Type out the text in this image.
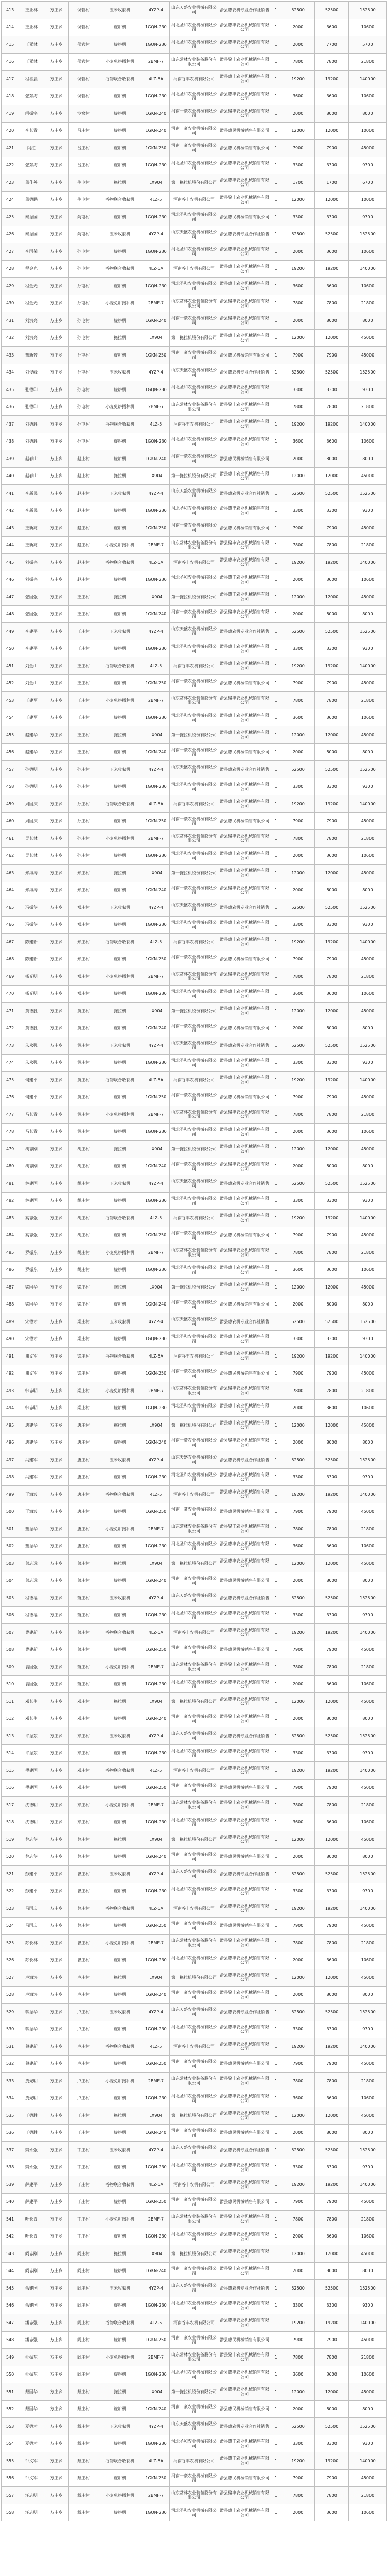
413	王亚林	方庄乡	侯管村	玉米收获机	4YZP-4	山东天盛农业机械有限公司	滑县惠农机专业合作社销售	1	52500	52500	152500
414	王亚林	方庄乡	侯管村	旋耕机	1GQN-230	河北圣和农业机械有限公司	滑县惠丰农业机械销售有限公司	1	2000	3600	10600
415	王亚林	方庄乡	侯管村	旋耕机	1GQN-230	河北圣和农业机械有限公司	滑县惠丰农业机械销售有限公司	1	2000	7700	5700
416	王亚林	方庄乡	侯管村	小麦免耕播种机	2BMF-7	山东常林农业装备股份有限公司	滑县聚丰农业机械销售有限公司	1	7800	7800	21800
417	程喜晨	方庄乡	侯管村	谷物联合收获机	4LZ-5A	河南谷丰农机有限公司	滑县惠丰农业机械销售有限公司	1	19200	19200	140000
418	张东海	方庄乡	侯管村	旋耕机	1GQN-230	河北圣和农业机械有限公司	滑县惠丰农业机械销售有限公司	1	3600	3600	10600
419	闫振宗	方庄乡	沙窝村	旋耕机	1GKN-240	河南一豪农业机械有限公司	滑县聚丰农业机械销售有限公司	1	2000	8000	8000
420	李长青	方庄乡	吕庄村	旋耕机	1GKN-240	河南一豪农业机械有限公司	滑县惠民机械销售有限公司	1	12000	12000	10000
421	闫红	方庄乡	吕庄村	旋耕机	1GKN-250	河南一豪农业机械有限公司	滑县惠民机械销售有限公司	1	7900	7900	45000
422	张东海	方庄乡	吕庄村	旋耕机	1GQN-230	河北圣和农业机械有限公司	滑县惠丰农业机械销售有限公司	1	3300	3300	9300
423	董作善	方庄乡	牛屯村	拖拉机	LX904	第一拖拉机股份有限公司	滑县惠丰农业机械销售有限公司	1	1700	1700	6700
424	董德鹏	方庄乡	牛屯村	谷物联合收获机	4LZ-5	河南谷丰农机有限公司	滑县聚丰农业机械销售有限公司	1	12000	12000	10000
425	秦振国	方庄乡	尚屯村	旋耕机	1GQN-230	河北圣和农业机械有限公司	滑县惠民机械销售有限公司	1	3300	3300	9300
426	秦振国	方庄乡	尚屯村	玉米收获机	4YZP-4	山东天盛农业机械有限公司	滑县惠农机专业合作社销售	1	52500	52500	152500
427	李国荣	方庄乡	孙屯村	旋耕机	1GQN-230	河北圣和农业机械有限公司	滑县惠丰农业机械销售有限公司	1	2000	3600	10600
428	程金光	方庄乡	孙屯村	谷物联合收获机	4LZ-5A	河南谷丰农机有限公司	滑县惠丰农业机械销售有限公司	1	19200	19200	140000
429	程金光	方庄乡	孙屯村	旋耕机	1GQN-230	河北圣和农业机械有限公司	滑县惠丰农业机械销售有限公司	1	3600	3600	10600
430	程金光	方庄乡	孙屯村	小麦免耕播种机	2BMF-7	山东常林农业装备股份有限公司	滑县聚丰农业机械销售有限公司	1	7800	7800	21800
431	刘洪亮	方庄乡	孙屯村	旋耕机	1GKN-240	河南一豪农业机械有限公司	滑县聚丰农业机械销售有限公司	1	2000	8000	8000
432	刘洪亮	方庄乡	孙屯村	拖拉机	LX904	第一拖拉机股份有限公司	滑县惠丰农业机械销售有限公司	1	12000	12000	45000
433	董新芳	方庄乡	孙屯村	旋耕机	1GKN-250	河南一豪农业机械有限公司	滑县惠民机械销售有限公司	1	7900	7900	45000
434	刘俊峰	方庄乡	孙屯村	玉米收获机	4YZP-4	山东天盛农业机械有限公司	滑县惠农机专业合作社销售	1	52500	52500	152500
435	张德印	方庄乡	孙屯村	旋耕机	1GQN-230	河北圣和农业机械有限公司	滑县惠丰农业机械销售有限公司	1	3300	3300	9300
436	张德印	方庄乡	孙屯村	小麦免耕播种机	2BMF-7	山东常林农业装备股份有限公司	滑县聚丰农业机械销售有限公司	1	7800	7800	21800
437	刘德胜	方庄乡	孙屯村	谷物联合收获机	4LZ-5	河南谷丰农机有限公司	滑县惠丰农业机械销售有限公司	1	19200	19200	140000
438	刘德胜	方庄乡	孙屯村	旋耕机	1GQN-230	河北圣和农业机械有限公司	滑县惠丰农业机械销售有限公司	1	3600	3600	10600
439	赵春山	方庄乡	赵庄村	旋耕机	1GKN-240	河南一豪农业机械有限公司	滑县惠民机械销售有限公司	1	2000	8000	8000
440	赵春山	方庄乡	赵庄村	拖拉机	LX904	第一拖拉机股份有限公司	滑县惠丰农业机械销售有限公司	1	12000	12000	45000
441	李新民	方庄乡	赵庄村	玉米收获机	4YZP-4	山东天盛农业机械有限公司	滑县惠农机专业合作社销售	1	52500	52500	152500
442	李新民	方庄乡	赵庄村	旋耕机	1GQN-230	河北圣和农业机械有限公司	滑县惠丰农业机械销售有限公司	1	3300	3300	9300
443	王新亮	方庄乡	赵庄村	旋耕机	1GKN-250	河南一豪农业机械有限公司	滑县惠民机械销售有限公司	1	7900	7900	45000
444	王新亮	方庄乡	赵庄村	小麦免耕播种机	2BMF-7	山东常林农业装备股份有限公司	滑县聚丰农业机械销售有限公司	1	7800	7800	21800
445	刘振兴	方庄乡	赵庄村	谷物联合收获机	4LZ-5A	河南谷丰农机有限公司	滑县惠丰农业机械销售有限公司	1	19200	19200	140000
446	刘振兴	方庄乡	赵庄村	旋耕机	1GQN-230	河北圣和农业机械有限公司	滑县惠丰农业机械销售有限公司	1	2000	3600	10600
447	张国强	方庄乡	王庄村	拖拉机	LX904	第一拖拉机股份有限公司	滑县惠丰农业机械销售有限公司	1	12000	12000	45000
448	张国强	方庄乡	王庄村	旋耕机	1GKN-240	河南一豪农业机械有限公司	滑县聚丰农业机械销售有限公司	1	2000	8000	8000
449	李建平	方庄乡	王庄村	玉米收获机	4YZP-4	山东天盛农业机械有限公司	滑县惠农机专业合作社销售	1	52500	52500	152500
450	李建平	方庄乡	王庄村	旋耕机	1GQN-230	河北圣和农业机械有限公司	滑县惠丰农业机械销售有限公司	1	3300	3300	9300
451	刘金山	方庄乡	王庄村	谷物联合收获机	4LZ-5	河南谷丰农机有限公司	滑县惠丰农业机械销售有限公司	1	19200	19200	140000
452	刘金山	方庄乡	王庄村	旋耕机	1GKN-250	河南一豪农业机械有限公司	滑县惠民机械销售有限公司	1	7900	7900	45000
453	王建军	方庄乡	王庄村	小麦免耕播种机	2BMF-7	山东常林农业装备股份有限公司	滑县聚丰农业机械销售有限公司	1	7800	7800	21800
454	王建军	方庄乡	王庄村	旋耕机	1GQN-230	河北圣和农业机械有限公司	滑县惠丰农业机械销售有限公司	1	3600	3600	10600
455	赵建华	方庄乡	王庄村	拖拉机	LX904	第一拖拉机股份有限公司	滑县惠丰农业机械销售有限公司	1	12000	12000	45000
456	赵建华	方庄乡	王庄村	旋耕机	1GKN-240	河南一豪农业机械有限公司	滑县惠民机械销售有限公司	1	2000	8000	8000
457	孙德明	方庄乡	孙庄村	玉米收获机	4YZP-4	山东天盛农业机械有限公司	滑县惠农机专业合作社销售	1	52500	52500	152500
458	孙德明	方庄乡	孙庄村	旋耕机	1GQN-230	河北圣和农业机械有限公司	滑县惠丰农业机械销售有限公司	1	3300	3300	9300
459	周国庆	方庄乡	孙庄村	谷物联合收获机	4LZ-5A	河南谷丰农机有限公司	滑县惠丰农业机械销售有限公司	1	19200	19200	140000
460	周国庆	方庄乡	孙庄村	旋耕机	1GKN-250	河南一豪农业机械有限公司	滑县惠民机械销售有限公司	1	7900	7900	45000
461	吴长林	方庄乡	孙庄村	小麦免耕播种机	2BMF-7	山东常林农业装备股份有限公司	滑县聚丰农业机械销售有限公司	1	7800	7800	21800
462	吴长林	方庄乡	孙庄村	旋耕机	1GQN-230	河北圣和农业机械有限公司	滑县惠丰农业机械销售有限公司	1	2000	3600	10600
463	郑海涛	方庄乡	郑庄村	拖拉机	LX904	第一拖拉机股份有限公司	滑县惠丰农业机械销售有限公司	1	12000	12000	45000
464	郑海涛	方庄乡	郑庄村	旋耕机	1GKN-240	河南一豪农业机械有限公司	滑县聚丰农业机械销售有限公司	1	2000	8000	8000
465	冯振华	方庄乡	郑庄村	玉米收获机	4YZP-4	山东天盛农业机械有限公司	滑县惠农机专业合作社销售	1	52500	52500	152500
466	冯振华	方庄乡	郑庄村	旋耕机	1GQN-230	河北圣和农业机械有限公司	滑县惠丰农业机械销售有限公司	1	3300	3300	9300
467	陈建新	方庄乡	郑庄村	谷物联合收获机	4LZ-5	河南谷丰农机有限公司	滑县惠丰农业机械销售有限公司	1	19200	19200	140000
468	陈建新	方庄乡	郑庄村	旋耕机	1GKN-250	河南一豪农业机械有限公司	滑县惠民机械销售有限公司	1	7900	7900	45000
469	杨光明	方庄乡	郑庄村	小麦免耕播种机	2BMF-7	山东常林农业装备股份有限公司	滑县聚丰农业机械销售有限公司	1	7800	7800	21800
470	杨光明	方庄乡	郑庄村	旋耕机	1GQN-230	河北圣和农业机械有限公司	滑县惠丰农业机械销售有限公司	1	3600	3600	10600
471	黄德胜	方庄乡	黄庄村	拖拉机	LX904	第一拖拉机股份有限公司	滑县惠丰农业机械销售有限公司	1	12000	12000	45000
472	黄德胜	方庄乡	黄庄村	旋耕机	1GKN-240	河南一豪农业机械有限公司	滑县惠民机械销售有限公司	1	2000	8000	8000
473	朱永强	方庄乡	黄庄村	玉米收获机	4YZP-4	山东天盛农业机械有限公司	滑县惠农机专业合作社销售	1	52500	52500	152500
474	朱永强	方庄乡	黄庄村	旋耕机	1GQN-230	河北圣和农业机械有限公司	滑县惠丰农业机械销售有限公司	1	3300	3300	9300
475	何建平	方庄乡	黄庄村	谷物联合收获机	4LZ-5A	河南谷丰农机有限公司	滑县惠丰农业机械销售有限公司	1	19200	19200	140000
476	何建平	方庄乡	黄庄村	旋耕机	1GKN-250	河南一豪农业机械有限公司	滑县惠民机械销售有限公司	1	7900	7900	45000
477	马长青	方庄乡	黄庄村	小麦免耕播种机	2BMF-7	山东常林农业装备股份有限公司	滑县聚丰农业机械销售有限公司	1	7800	7800	21800
478	马长青	方庄乡	黄庄村	旋耕机	1GQN-230	河北圣和农业机械有限公司	滑县惠丰农业机械销售有限公司	1	2000	3600	10600
479	胡志刚	方庄乡	胡庄村	拖拉机	LX904	第一拖拉机股份有限公司	滑县惠丰农业机械销售有限公司	1	12000	12000	45000
480	胡志刚	方庄乡	胡庄村	旋耕机	1GKN-240	河南一豪农业机械有限公司	滑县聚丰农业机械销售有限公司	1	2000	8000	8000
481	林建国	方庄乡	胡庄村	玉米收获机	4YZP-4	山东天盛农业机械有限公司	滑县惠农机专业合作社销售	1	52500	52500	152500
482	林建国	方庄乡	胡庄村	旋耕机	1GQN-230	河北圣和农业机械有限公司	滑县惠丰农业机械销售有限公司	1	3300	3300	9300
483	高志强	方庄乡	胡庄村	谷物联合收获机	4LZ-5	河南谷丰农机有限公司	滑县惠丰农业机械销售有限公司	1	19200	19200	140000
484	高志强	方庄乡	胡庄村	旋耕机	1GKN-250	河南一豪农业机械有限公司	滑县惠民机械销售有限公司	1	7900	7900	45000
485	罗振东	方庄乡	胡庄村	小麦免耕播种机	2BMF-7	山东常林农业装备股份有限公司	滑县聚丰农业机械销售有限公司	1	7800	7800	21800
486	罗振东	方庄乡	胡庄村	旋耕机	1GQN-230	河北圣和农业机械有限公司	滑县惠丰农业机械销售有限公司	1	3600	3600	10600
487	梁国华	方庄乡	梁庄村	拖拉机	LX904	第一拖拉机股份有限公司	滑县惠丰农业机械销售有限公司	1	12000	12000	45000
488	梁国华	方庄乡	梁庄村	旋耕机	1GKN-240	河南一豪农业机械有限公司	滑县惠民机械销售有限公司	1	2000	8000	8000
489	宋德才	方庄乡	梁庄村	玉米收获机	4YZP-4	山东天盛农业机械有限公司	滑县惠农机专业合作社销售	1	52500	52500	152500
490	宋德才	方庄乡	梁庄村	旋耕机	1GQN-230	河北圣和农业机械有限公司	滑县惠丰农业机械销售有限公司	1	3300	3300	9300
491	谢文军	方庄乡	梁庄村	谷物联合收获机	4LZ-5A	河南谷丰农机有限公司	滑县惠丰农业机械销售有限公司	1	19200	19200	140000
492	谢文军	方庄乡	梁庄村	旋耕机	1GKN-250	河南一豪农业机械有限公司	滑县惠民机械销售有限公司	1	7900	7900	45000
493	韩志明	方庄乡	梁庄村	小麦免耕播种机	2BMF-7	山东常林农业装备股份有限公司	滑县聚丰农业机械销售有限公司	1	7800	7800	21800
494	韩志明	方庄乡	梁庄村	旋耕机	1GQN-230	河北圣和农业机械有限公司	滑县惠丰农业机械销售有限公司	1	2000	3600	10600
495	唐建华	方庄乡	唐庄村	拖拉机	LX904	第一拖拉机股份有限公司	滑县惠丰农业机械销售有限公司	1	12000	12000	45000
496	唐建华	方庄乡	唐庄村	旋耕机	1GKN-240	河南一豪农业机械有限公司	滑县聚丰农业机械销售有限公司	1	2000	8000	8000
497	冯建军	方庄乡	唐庄村	玉米收获机	4YZP-4	山东天盛农业机械有限公司	滑县惠农机专业合作社销售	1	52500	52500	152500
498	冯建军	方庄乡	唐庄村	旋耕机	1GQN-230	河北圣和农业机械有限公司	滑县惠丰农业机械销售有限公司	1	3300	3300	9300
499	于海波	方庄乡	唐庄村	谷物联合收获机	4LZ-5	河南谷丰农机有限公司	滑县惠丰农业机械销售有限公司	1	19200	19200	140000
500	于海波	方庄乡	唐庄村	旋耕机	1GKN-250	河南一豪农业机械有限公司	滑县惠民机械销售有限公司	1	7900	7900	45000
501	董振华	方庄乡	唐庄村	小麦免耕播种机	2BMF-7	山东常林农业装备股份有限公司	滑县聚丰农业机械销售有限公司	1	7800	7800	21800
502	董振华	方庄乡	唐庄村	旋耕机	1GQN-230	河北圣和农业机械有限公司	滑县惠丰农业机械销售有限公司	1	3600	3600	10600
503	萧志远	方庄乡	萧庄村	拖拉机	LX904	第一拖拉机股份有限公司	滑县惠丰农业机械销售有限公司	1	12000	12000	45000
504	萧志远	方庄乡	萧庄村	旋耕机	1GKN-240	河南一豪农业机械有限公司	滑县惠民机械销售有限公司	1	2000	8000	8000
505	程德福	方庄乡	萧庄村	玉米收获机	4YZP-4	山东天盛农业机械有限公司	滑县惠农机专业合作社销售	1	52500	52500	152500
506	程德福	方庄乡	萧庄村	旋耕机	1GQN-230	河北圣和农业机械有限公司	滑县惠丰农业机械销售有限公司	1	3300	3300	9300
507	曹建新	方庄乡	萧庄村	谷物联合收获机	4LZ-5A	河南谷丰农机有限公司	滑县惠丰农业机械销售有限公司	1	19200	19200	140000
508	曹建新	方庄乡	萧庄村	旋耕机	1GKN-250	河南一豪农业机械有限公司	滑县惠民机械销售有限公司	1	7900	7900	45000
509	袁国强	方庄乡	萧庄村	小麦免耕播种机	2BMF-7	山东常林农业装备股份有限公司	滑县聚丰农业机械销售有限公司	1	7800	7800	21800
510	袁国强	方庄乡	萧庄村	旋耕机	1GQN-230	河北圣和农业机械有限公司	滑县惠丰农业机械销售有限公司	1	2000	3600	10600
511	邓长生	方庄乡	邓庄村	拖拉机	LX904	第一拖拉机股份有限公司	滑县惠丰农业机械销售有限公司	1	12000	12000	45000
512	邓长生	方庄乡	邓庄村	旋耕机	1GKN-240	河南一豪农业机械有限公司	滑县聚丰农业机械销售有限公司	1	2000	8000	8000
513	许振东	方庄乡	邓庄村	玉米收获机	4YZP-4	山东天盛农业机械有限公司	滑县惠农机专业合作社销售	1	52500	52500	152500
514	许振东	方庄乡	邓庄村	旋耕机	1GQN-230	河北圣和农业机械有限公司	滑县惠丰农业机械销售有限公司	1	3300	3300	9300
515	傅建国	方庄乡	邓庄村	谷物联合收获机	4LZ-5	河南谷丰农机有限公司	滑县惠丰农业机械销售有限公司	1	19200	19200	140000
516	傅建国	方庄乡	邓庄村	旋耕机	1GKN-250	河南一豪农业机械有限公司	滑县惠民机械销售有限公司	1	7900	7900	45000
517	沈德明	方庄乡	邓庄村	小麦免耕播种机	2BMF-7	山东常林农业装备股份有限公司	滑县聚丰农业机械销售有限公司	1	7800	7800	21800
518	沈德明	方庄乡	邓庄村	旋耕机	1GQN-230	河北圣和农业机械有限公司	滑县惠丰农业机械销售有限公司	1	3600	3600	10600
519	曾志华	方庄乡	曾庄村	拖拉机	LX904	第一拖拉机股份有限公司	滑县惠丰农业机械销售有限公司	1	12000	12000	45000
520	曾志华	方庄乡	曾庄村	旋耕机	1GKN-240	河南一豪农业机械有限公司	滑县惠民机械销售有限公司	1	2000	8000	8000
521	彭建平	方庄乡	曾庄村	玉米收获机	4YZP-4	山东天盛农业机械有限公司	滑县惠农机专业合作社销售	1	52500	52500	152500
522	彭建平	方庄乡	曾庄村	旋耕机	1GQN-230	河北圣和农业机械有限公司	滑县惠丰农业机械销售有限公司	1	3300	3300	9300
523	吕国庆	方庄乡	曾庄村	谷物联合收获机	4LZ-5A	河南谷丰农机有限公司	滑县惠丰农业机械销售有限公司	1	19200	19200	140000
524	吕国庆	方庄乡	曾庄村	旋耕机	1GKN-250	河南一豪农业机械有限公司	滑县惠民机械销售有限公司	1	7900	7900	45000
525	苏长林	方庄乡	曾庄村	小麦免耕播种机	2BMF-7	山东常林农业装备股份有限公司	滑县聚丰农业机械销售有限公司	1	7800	7800	21800
526	苏长林	方庄乡	曾庄村	旋耕机	1GQN-230	河北圣和农业机械有限公司	滑县惠丰农业机械销售有限公司	1	2000	3600	10600
527	卢海涛	方庄乡	卢庄村	拖拉机	LX904	第一拖拉机股份有限公司	滑县惠丰农业机械销售有限公司	1	12000	12000	45000
528	卢海涛	方庄乡	卢庄村	旋耕机	1GKN-240	河南一豪农业机械有限公司	滑县聚丰农业机械销售有限公司	1	2000	8000	8000
529	蒋振华	方庄乡	卢庄村	玉米收获机	4YZP-4	山东天盛农业机械有限公司	滑县惠农机专业合作社销售	1	52500	52500	152500
530	蒋振华	方庄乡	卢庄村	旋耕机	1GQN-230	河北圣和农业机械有限公司	滑县惠丰农业机械销售有限公司	1	3300	3300	9300
531	蔡建新	方庄乡	卢庄村	谷物联合收获机	4LZ-5	河南谷丰农机有限公司	滑县惠丰农业机械销售有限公司	1	19200	19200	140000
532	蔡建新	方庄乡	卢庄村	旋耕机	1GKN-250	河南一豪农业机械有限公司	滑县惠民机械销售有限公司	1	7900	7900	45000
533	贾光明	方庄乡	卢庄村	小麦免耕播种机	2BMF-7	山东常林农业装备股份有限公司	滑县聚丰农业机械销售有限公司	1	7800	7800	21800
534	贾光明	方庄乡	卢庄村	旋耕机	1GQN-230	河北圣和农业机械有限公司	滑县惠丰农业机械销售有限公司	1	3600	3600	10600
535	丁德胜	方庄乡	丁庄村	拖拉机	LX904	第一拖拉机股份有限公司	滑县惠丰农业机械销售有限公司	1	12000	12000	45000
536	丁德胜	方庄乡	丁庄村	旋耕机	1GKN-240	河南一豪农业机械有限公司	滑县惠民机械销售有限公司	1	2000	8000	8000
537	魏永强	方庄乡	丁庄村	玉米收获机	4YZP-4	山东天盛农业机械有限公司	滑县惠农机专业合作社销售	1	52500	52500	152500
538	魏永强	方庄乡	丁庄村	旋耕机	1GQN-230	河北圣和农业机械有限公司	滑县惠丰农业机械销售有限公司	1	3300	3300	9300
539	薛建平	方庄乡	丁庄村	谷物联合收获机	4LZ-5A	河南谷丰农机有限公司	滑县惠丰农业机械销售有限公司	1	19200	19200	140000
540	薛建平	方庄乡	丁庄村	旋耕机	1GKN-250	河南一豪农业机械有限公司	滑县惠民机械销售有限公司	1	7900	7900	45000
541	叶长青	方庄乡	丁庄村	小麦免耕播种机	2BMF-7	山东常林农业装备股份有限公司	滑县聚丰农业机械销售有限公司	1	7800	7800	21800
542	叶长青	方庄乡	丁庄村	旋耕机	1GQN-230	河北圣和农业机械有限公司	滑县惠丰农业机械销售有限公司	1	2000	3600	10600
543	阎志刚	方庄乡	阎庄村	拖拉机	LX904	第一拖拉机股份有限公司	滑县惠丰农业机械销售有限公司	1	12000	12000	45000
544	阎志刚	方庄乡	阎庄村	旋耕机	1GKN-240	河南一豪农业机械有限公司	滑县聚丰农业机械销售有限公司	1	2000	8000	8000
545	余建国	方庄乡	阎庄村	玉米收获机	4YZP-4	山东天盛农业机械有限公司	滑县惠农机专业合作社销售	1	52500	52500	152500
546	余建国	方庄乡	阎庄村	旋耕机	1GQN-230	河北圣和农业机械有限公司	滑县惠丰农业机械销售有限公司	1	3300	3300	9300
547	潘志强	方庄乡	阎庄村	谷物联合收获机	4LZ-5	河南谷丰农机有限公司	滑县惠丰农业机械销售有限公司	1	19200	19200	140000
548	潘志强	方庄乡	阎庄村	旋耕机	1GKN-250	河南一豪农业机械有限公司	滑县惠民机械销售有限公司	1	7900	7900	45000
549	杜振东	方庄乡	阎庄村	小麦免耕播种机	2BMF-7	山东常林农业装备股份有限公司	滑县聚丰农业机械销售有限公司	1	7800	7800	21800
550	杜振东	方庄乡	阎庄村	旋耕机	1GQN-230	河北圣和农业机械有限公司	滑县惠丰农业机械销售有限公司	1	3600	3600	10600
551	戴国华	方庄乡	戴庄村	拖拉机	LX904	第一拖拉机股份有限公司	滑县惠丰农业机械销售有限公司	1	12000	12000	45000
552	戴国华	方庄乡	戴庄村	旋耕机	1GKN-240	河南一豪农业机械有限公司	滑县惠民机械销售有限公司	1	2000	8000	8000
553	夏德才	方庄乡	戴庄村	玉米收获机	4YZP-4	山东天盛农业机械有限公司	滑县惠农机专业合作社销售	1	52500	52500	152500
554	夏德才	方庄乡	戴庄村	旋耕机	1GQN-230	河北圣和农业机械有限公司	滑县惠丰农业机械销售有限公司	1	3300	3300	9300
555	钟文军	方庄乡	戴庄村	谷物联合收获机	4LZ-5A	河南谷丰农机有限公司	滑县惠丰农业机械销售有限公司	1	19200	19200	140000
556	钟文军	方庄乡	戴庄村	旋耕机	1GKN-250	河南一豪农业机械有限公司	滑县惠民机械销售有限公司	1	7900	7900	45000
557	汪志明	方庄乡	戴庄村	小麦免耕播种机	2BMF-7	山东常林农业装备股份有限公司	滑县聚丰农业机械销售有限公司	1	7800	7800	21800
558	汪志明	方庄乡	戴庄村	旋耕机	1GQN-230	河北圣和农业机械有限公司	滑县惠丰农业机械销售有限公司	1	2000	3600	10600
